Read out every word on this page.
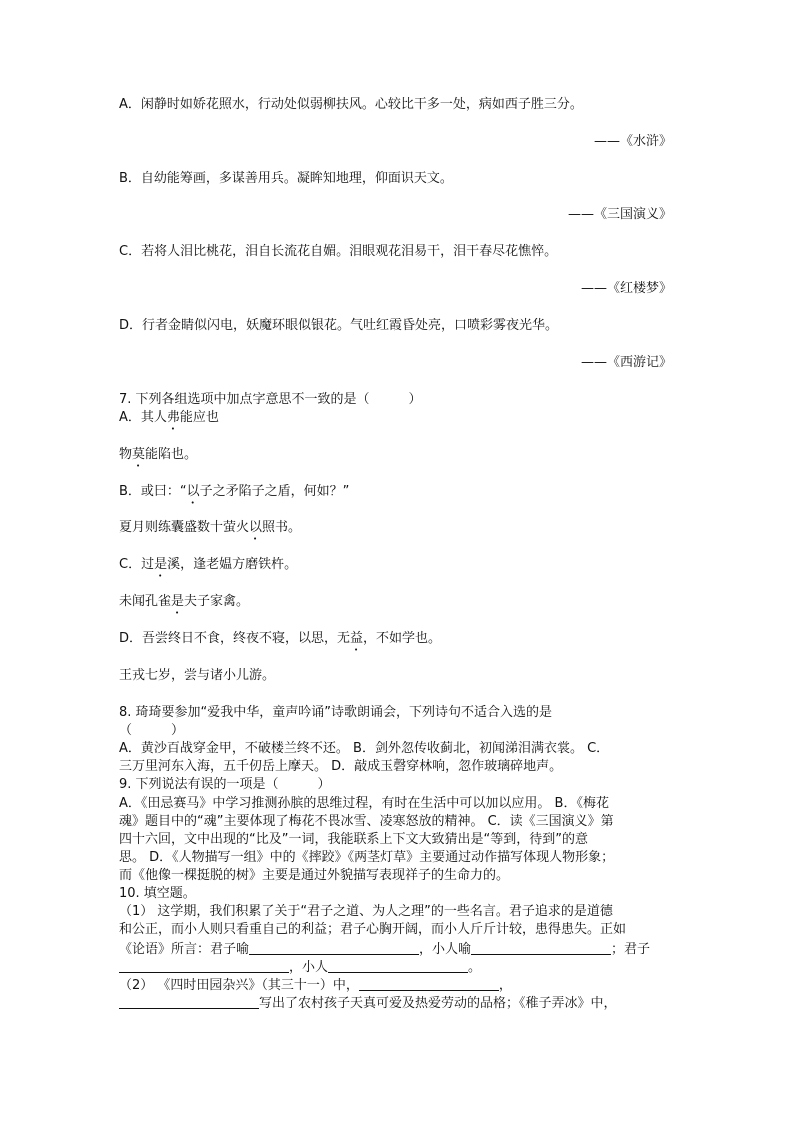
A．闲静时如娇花照水，行动处似弱柳扶风。心较比干多一处，病如西子胜三分。
——《水浒》
B．自幼能筹画，多谋善用兵。凝眸知地理，仰面识天文。
——《三国演义》
C．若将人泪比桃花，泪自长流花自媚。泪眼观花泪易干，泪干春尽花憔悴。
——《红楼梦》
D．行者金睛似闪电，妖魔环眼似银花。气吐红霞昏处亮，口喷彩雾夜光华。
——《西游记》
7. 下列各组选项中加点字意思不一致的是（　　　）
A．其人弗能应也
物莫能陷也。
B．或曰：“以子之矛陷子之盾，何如？”
夏月则练囊盛数十萤火以照书。
C．过是溪，逢老媪方磨铁杵。
未闻孔雀是夫子家禽。
D．吾尝终日不食，终夜不寝，以思，无益，不如学也。
王戎七岁，尝与诸小儿游。
8. 琦琦要参加“爱我中华，童声吟诵”诗歌朗诵会，下列诗句不适合入选的是
（　　　）
A．黄沙百战穿金甲，不破楼兰终不还。 B．剑外忽传收蓟北，初闻涕泪满衣裳。 C．
三万里河东入海，五千仞岳上摩天。 D．敲成玉磬穿林响，忽作玻璃碎地声。
9. 下列说法有误的一项是（　　　）
A．《田忌赛马》中学习推测孙膑的思维过程，有时在生活中可以加以应用。 B．《梅花
魂》题目中的“魂”主要体现了梅花不畏冰雪、凌寒怒放的精神。 C．读《三国演义》第
四十六回，文中出现的“比及”一词，我能联系上下文大致猜出是“等到，待到”的意
思。 D．《人物描写一组》中的《摔跤》《两茎灯草》主要通过动作描写体现人物形象；
而《他像一棵挺脱的树》主要是通过外貌描写表现祥子的生命力的。
10. 填空题。
（1） 这学期，我们积累了关于“君子之道、为人之理”的一些名言。君子追求的是道德
和公正，而小人则只看重自己的利益；君子心胸开阔，而小人斤斤计较，患得患失。正如
《论语》所言：君子喻	，小人喻	；君子
，小人	。
（2） 《四时田园杂兴》（其三十一）中，	，
写出了农村孩子天真可爱及热爱劳动的品格；《稚子弄冰》中，
